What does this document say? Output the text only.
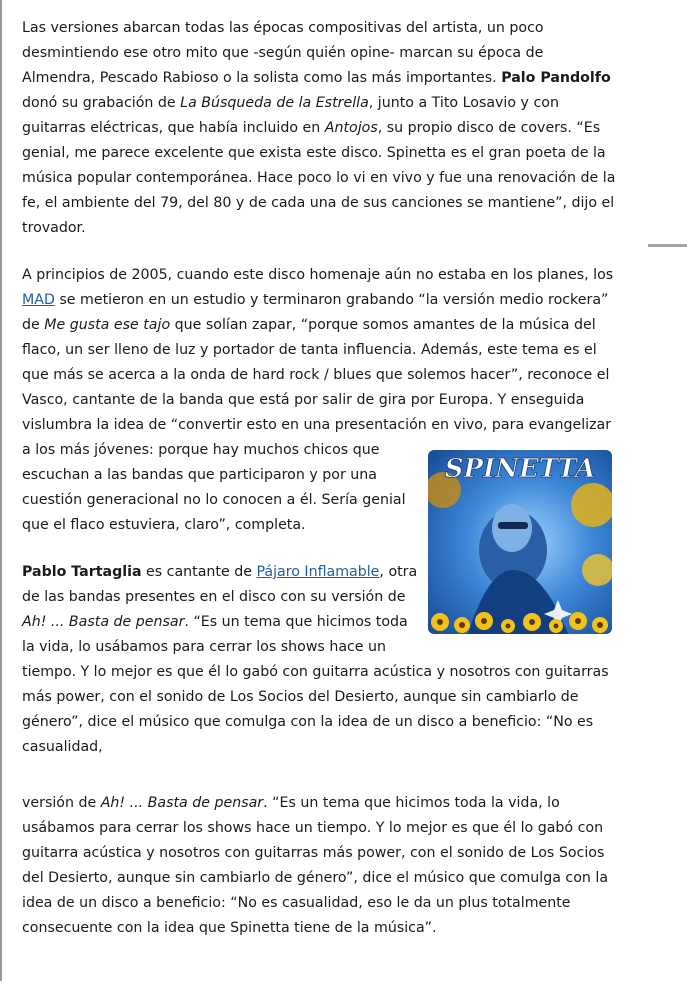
Las versiones abarcan todas las épocas compositivas del artista, un poco desmintiendo ese otro mito que -según quién opine- marcan su época de Almendra, Pescado Rabioso o la solista como las más importantes. Palo Pandolfo donó su grabación de La Búsqueda de la Estrella, junto a Tito Losavio y con guitarras eléctricas, que había incluido en Antojos, su propio disco de covers. “Es genial, me parece excelente que exista este disco. Spinetta es el gran poeta de la música popular contemporánea. Hace poco lo vi en vivo y fue una renovación de la fe, el ambiente del 79, del 80 y de cada una de sus canciones se mantiene”, dijo el trovador.

A principios de 2005, cuando este disco homenaje aún no estaba en los planes, los MAD se metieron en un estudio y terminaron grabando “la versión medio rockera” de Me gusta ese tajo que solían zapar, “porque somos amantes de la música del flaco, un ser lleno de luz y portador de tanta influencia. Además, este tema es el que más se acerca a la onda de hard rock / blues que solemos hacer”, reconoce el Vasco, cantante de la banda que está por salir de gira por Europa. Y enseguida vislumbra la idea de “convertir esto en una presentación en vivo, para evangelizar a los más jóvenes: porque hay muchos chicos que escuchan a las bandas que participaron y por una cuestión generacional no lo conocen a él. Sería genial que el flaco estuviera, claro”, completa.

Pablo Tartaglia es cantante de Pájaro Inflamable, otra de las bandas presentes en el disco con su versión de Ah! ... Basta de pensar. “Es un tema que hicimos toda la vida, lo usábamos para cerrar los shows hace un tiempo. Y lo mejor es que él lo gabó con guitarra acústica y nosotros con guitarras más power, con el sonido de Los Socios del Desierto, aunque sin cambiarlo de género”, dice el músico que comulga con la idea de un disco a beneficio: “No es casualidad,

SPINETTA

versión de Ah! ... Basta de pensar. “Es un tema que hicimos toda la vida, lo usábamos para cerrar los shows hace un tiempo. Y lo mejor es que él lo gabó con guitarra acústica y nosotros con guitarras más power, con el sonido de Los Socios del Desierto, aunque sin cambiarlo de género”, dice el músico que comulga con la idea de un disco a beneficio: “No es casualidad, eso le da un plus totalmente consecuente con la idea que Spinetta tiene de la música”.
